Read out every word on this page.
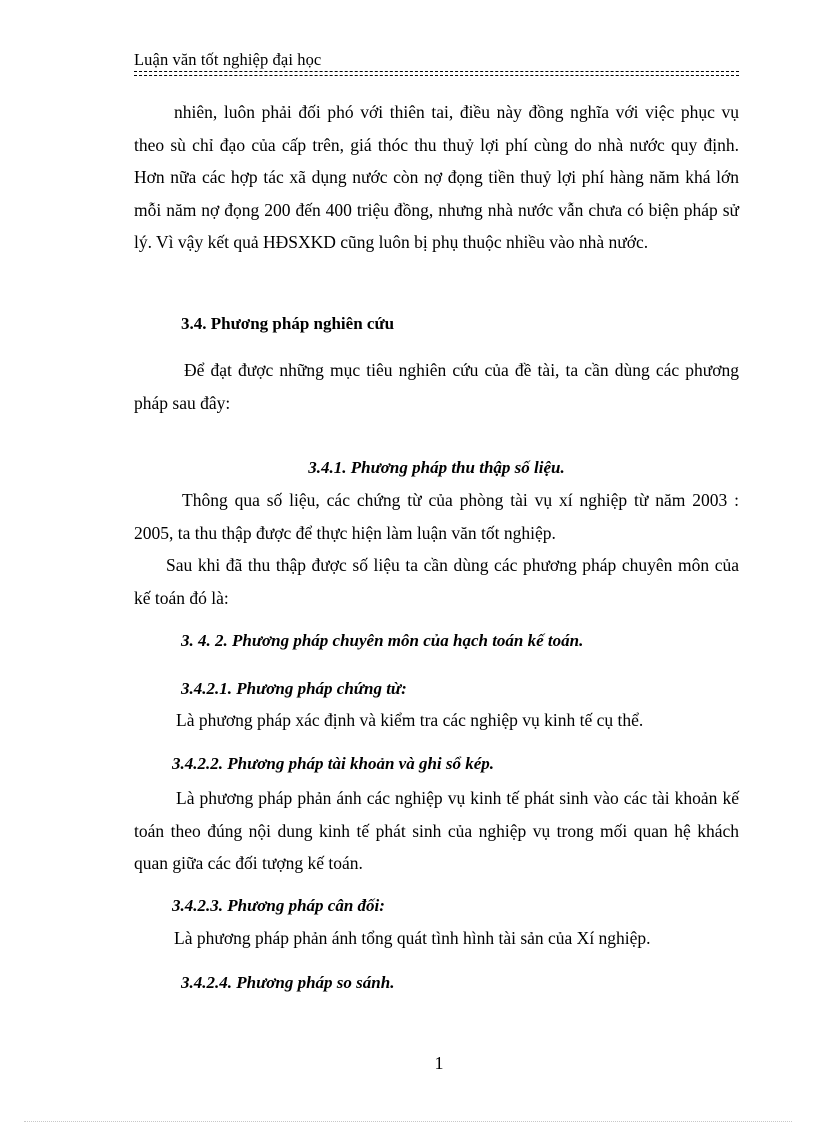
Luận văn tốt nghiệp đại học
nhiên, luôn phải đối phó với thiên tai, điều này đồng nghĩa với việc phục vụ theo sù chỉ đạo của cấp trên, giá thóc thu thuỷ lợi phí cùng do nhà nước quy định. Hơn nữa các hợp tác xã dụng nước còn nợ đọng tiền thuỷ lợi phí hàng năm khá lớn mỗi năm nợ đọng 200 đến 400 triệu đồng, nhưng nhà nước vẫn chưa có biện pháp sử lý. Vì vậy kết quả HĐSXKD cũng luôn bị phụ thuộc nhiều vào nhà nước.
3.4. Phương pháp nghiên cứu
Để đạt được những mục tiêu nghiên cứu của đề tài, ta cần dùng các phương pháp sau đây:
3.4.1. Phương pháp thu thập số liệu.
Thông qua số liệu, các chứng từ của phòng tài vụ xí nghiệp từ năm 2003 : 2005, ta thu thập được để thực hiện làm luận văn tốt nghiệp.
Sau khi đã thu thập được số liệu ta cần dùng các phương pháp chuyên môn của kế toán đó là:
3. 4. 2. Phương pháp chuyên môn của hạch toán kế toán.
3.4.2.1. Phương pháp chứng từ:
Là phương pháp xác định và kiểm tra các nghiệp vụ kinh tế cụ thể.
3.4.2.2. Phương pháp tài khoản và ghi sổ kép.
Là phương pháp phản ánh các nghiệp vụ kinh tế phát sinh vào các tài khoản kế toán theo đúng nội dung kinh tế phát sinh của nghiệp vụ trong mối quan hệ khách quan giữa các đối tượng kế toán.
3.4.2.3. Phương pháp cân đối:
Là phương pháp phản ánh tổng quát tình hình tài sản của Xí nghiệp.
3.4.2.4. Phương pháp so sánh.
1
